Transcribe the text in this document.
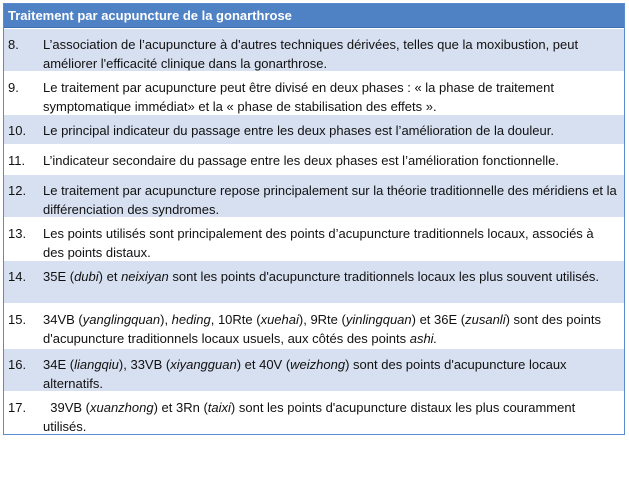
Traitement par acupuncture de la gonarthrose
8.	L’association de l’acupuncture à d'autres techniques dérivées, telles que la moxibustion, peut améliorer l'efficacité clinique dans la gonarthrose.
9.	Le traitement par acupuncture peut être divisé en deux phases : « la phase de traitement symptomatique immédiat» et la « phase de stabilisation des effets ».
10.	Le principal indicateur du passage entre les deux phases est l’amélioration de la douleur.
11.	L’indicateur secondaire du passage entre les deux phases est l’amélioration fonctionnelle.
12.	Le traitement par acupuncture repose principalement sur la théorie traditionnelle des méridiens et la différenciation des syndromes.
13.	Les points utilisés sont principalement des points d’acupuncture traditionnels locaux, associés à des points distaux.
14.	35E (dubi) et neixiyan sont les points d'acupuncture traditionnels locaux les plus souvent utilisés.
15.	34VB (yanglingquan), heding, 10Rte (xuehai), 9Rte (yinlingquan) et 36E (zusanli) sont des points d'acupuncture traditionnels locaux usuels, aux côtés des points ashi.
16.	34E (liangqiu), 33VB (xiyangguan) et 40V (weizhong) sont des points d'acupuncture locaux alternatifs.
17.	39VB (xuanzhong) et 3Rn (taixi) sont les points d'acupuncture distaux les plus couramment utilisés.
